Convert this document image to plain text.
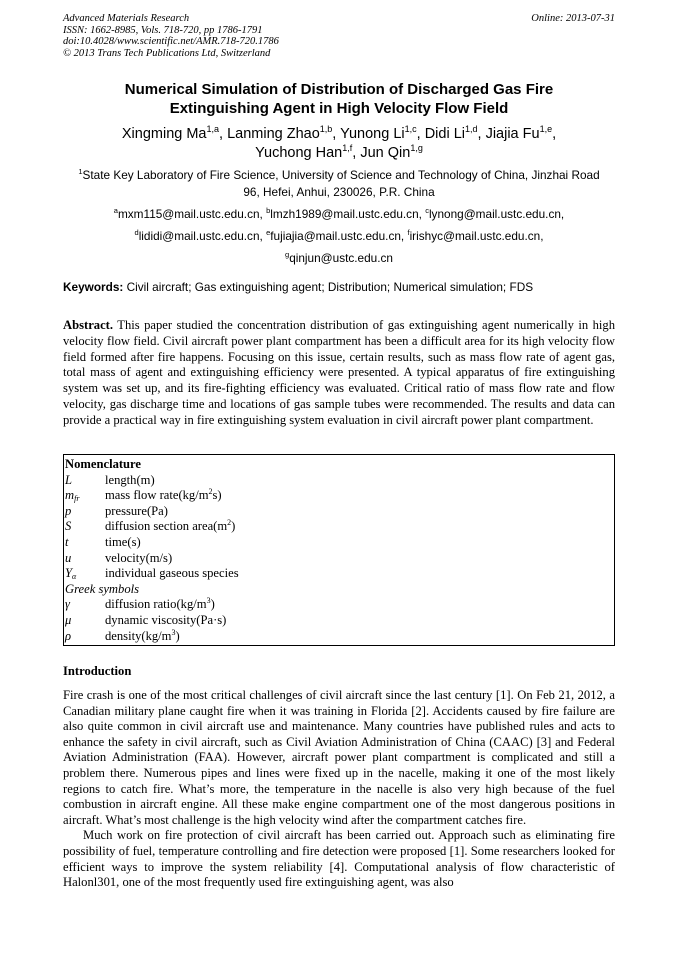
Advanced Materials Research
ISSN: 1662-8985, Vols. 718-720, pp 1786-1791
doi:10.4028/www.scientific.net/AMR.718-720.1786
© 2013 Trans Tech Publications Ltd, Switzerland
Online: 2013-07-31
Numerical Simulation of Distribution of Discharged Gas Fire
Extinguishing Agent in High Velocity Flow Field
Xingming Ma$^{1,a}$, Lanming Zhao$^{1,b}$, Yunong Li$^{1,c}$, Didi Li$^{1,d}$, Jiajia Fu$^{1,e}$,
Yuchong Han$^{1,f}$, Jun Qin$^{1,g}$
$^1$State Key Laboratory of Fire Science, University of Science and Technology of China, Jinzhai Road
96, Hefei, Anhui, 230026, P.R. China
$^a$mxm115@mail.ustc.edu.cn, $^b$lmzh1989@mail.ustc.edu.cn, $^c$lynong@mail.ustc.edu.cn,
$^d$lididi@mail.ustc.edu.cn, $^e$fujiajia@mail.ustc.edu.cn, $^f$irishyc@mail.ustc.edu.cn,
$^g$qinjun@ustc.edu.cn
Keywords: Civil aircraft; Gas extinguishing agent; Distribution; Numerical simulation; FDS
Abstract. This paper studied the concentration distribution of gas extinguishing agent numerically in high velocity flow field. Civil aircraft power plant compartment has been a difficult area for its high velocity flow field formed after fire happens. Focusing on this issue, certain results, such as mass flow rate of agent gas, total mass of agent and extinguishing efficiency were presented. A typical apparatus of fire extinguishing system was set up, and its fire-fighting efficiency was evaluated. Critical ratio of mass flow rate and flow velocity, gas discharge time and locations of gas sample tubes were recommended. The results and data can provide a practical way in fire extinguishing system evaluation in civil aircraft power plant compartment.
Nomenclature
L	length(m)
$m_{fr}$ mass flow $rate(kg/m^2s)$
p	pressure(Pa)
S	diffusion section $area(m^2)$
t	time(s)
u	velocity(m/s)
$Y_\alpha$ individual gaseous species
Greek symbols
γ	diffusion $ratio(kg/m^3)$
μ	dynamic viscosity(Pa·s)
ρ	$density(kg/m^3)$
Introduction

Fire crash is one of the most critical challenges of civil aircraft since the last century [1]. On Feb 21, 2012, a Canadian military plane caught fire when it was training in Florida [2]. Accidents caused by fire failure are also quite common in civil aircraft use and maintenance. Many countries have published rules and acts to enhance the safety in civil aircraft, such as Civil Aviation Administration of China (CAAC) [3] and Federal Aviation Administration (FAA). However, aircraft power plant compartment is complicated and still a problem there. Numerous pipes and lines were fixed up in the nacelle, making it one of the most likely regions to catch fire. What’s more, the temperature in the nacelle is also very high because of the fuel combustion in aircraft engine. All these make engine compartment one of the most dangerous positions in aircraft. What’s most challenge is the high velocity wind after the compartment catches fire.

Much work on fire protection of civil aircraft has been carried out. Approach such as eliminating fire possibility of fuel, temperature controlling and fire detection were proposed [1]. Some researchers looked for efficient ways to improve the system reliability [4]. Computational analysis of flow characteristic of Halonl301, one of the most frequently used fire extinguishing agent, was also
